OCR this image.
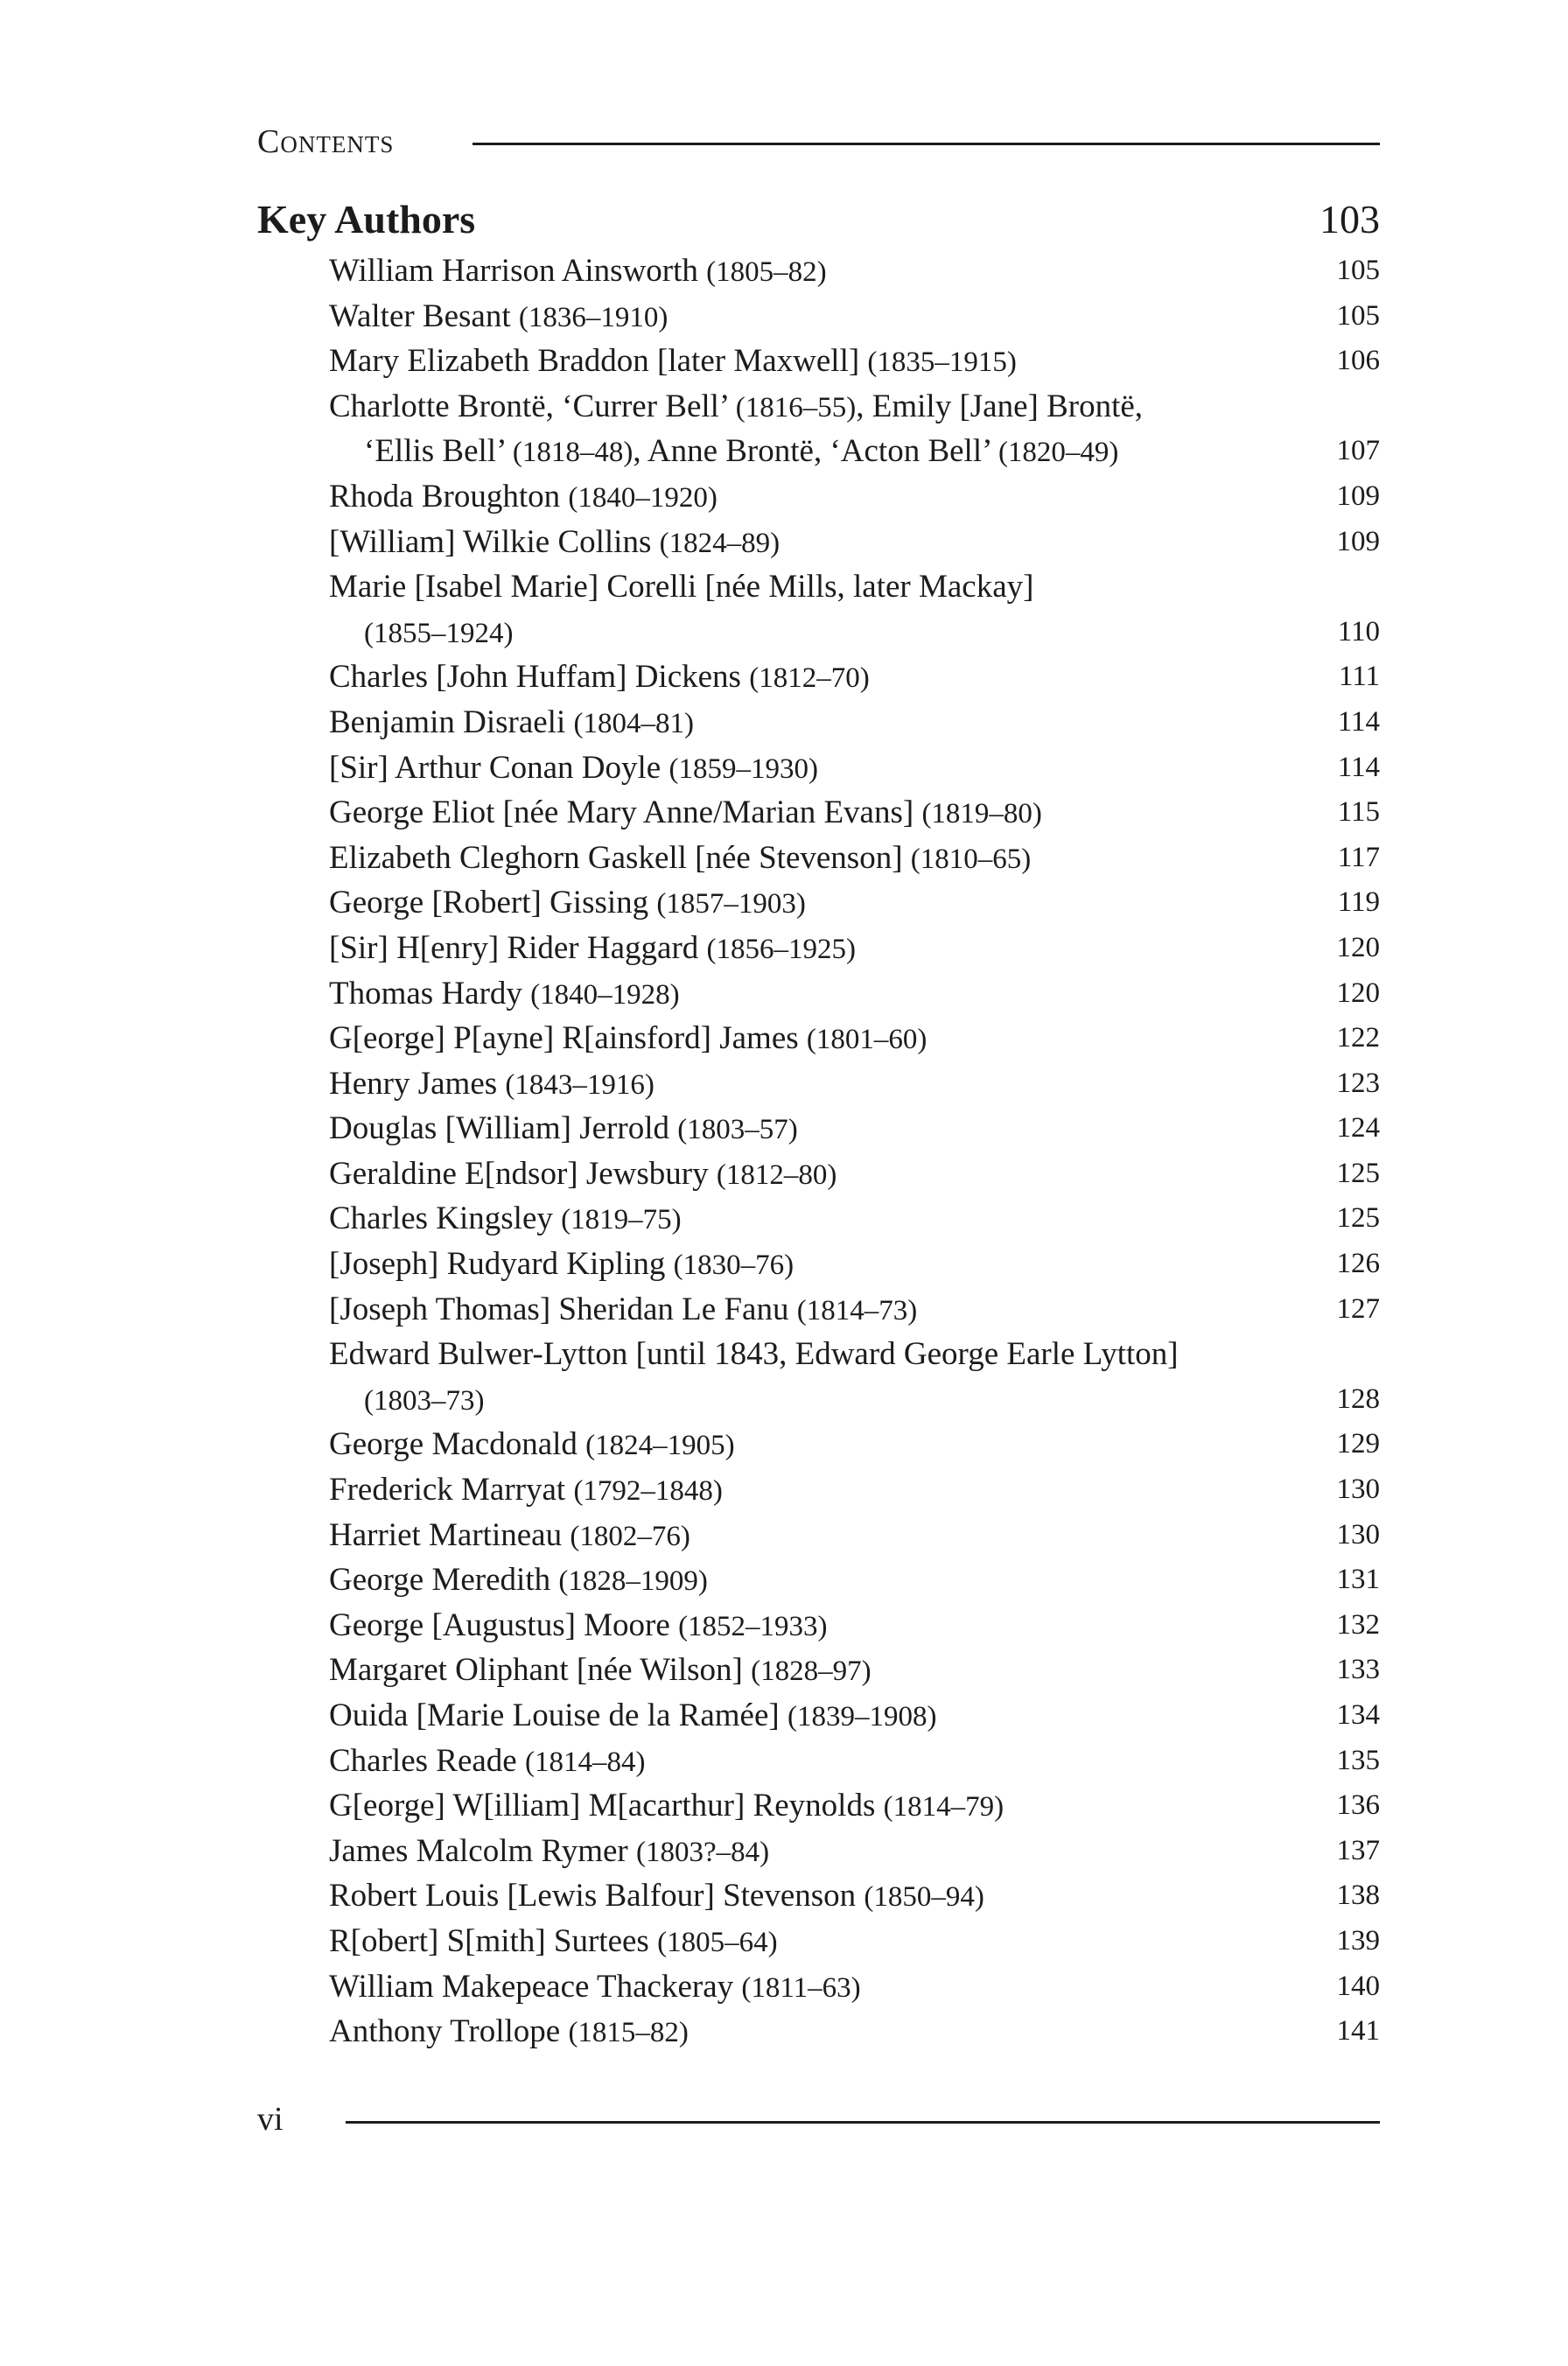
Contents
Key Authors	103
William Harrison Ainsworth (1805–82)	105
Walter Besant (1836–1910)	105
Mary Elizabeth Braddon [later Maxwell] (1835–1915)	106
Charlotte Brontë, ‘Currer Bell’ (1816–55), Emily [Jane] Brontë,
‘Ellis Bell’ (1818–48), Anne Brontë, ‘Acton Bell’ (1820–49)	107
Rhoda Broughton (1840–1920)	109
[William] Wilkie Collins (1824–89)	109
Marie [Isabel Marie] Corelli [née Mills, later Mackay]
(1855–1924)	110
Charles [John Huffam] Dickens (1812–70)	111
Benjamin Disraeli (1804–81)	114
[Sir] Arthur Conan Doyle (1859–1930)	114
George Eliot [née Mary Anne/Marian Evans] (1819–80)	115
Elizabeth Cleghorn Gaskell [née Stevenson] (1810–65)	117
George [Robert] Gissing (1857–1903)	119
[Sir] H[enry] Rider Haggard (1856–1925)	120
Thomas Hardy (1840–1928)	120
G[eorge] P[ayne] R[ainsford] James (1801–60)	122
Henry James (1843–1916)	123
Douglas [William] Jerrold (1803–57)	124
Geraldine E[ndsor] Jewsbury (1812–80)	125
Charles Kingsley (1819–75)	125
[Joseph] Rudyard Kipling (1830–76)	126
[Joseph Thomas] Sheridan Le Fanu (1814–73)	127
Edward Bulwer-Lytton [until 1843, Edward George Earle Lytton]
(1803–73)	128
George Macdonald (1824–1905)	129
Frederick Marryat (1792–1848)	130
Harriet Martineau (1802–76)	130
George Meredith (1828–1909)	131
George [Augustus] Moore (1852–1933)	132
Margaret Oliphant [née Wilson] (1828–97)	133
Ouida [Marie Louise de la Ramée] (1839–1908)	134
Charles Reade (1814–84)	135
G[eorge] W[illiam] M[acarthur] Reynolds (1814–79)	136
James Malcolm Rymer (1803?–84)	137
Robert Louis [Lewis Balfour] Stevenson (1850–94)	138
R[obert] S[mith] Surtees (1805–64)	139
William Makepeace Thackeray (1811–63)	140
Anthony Trollope (1815–82)	141
vi
